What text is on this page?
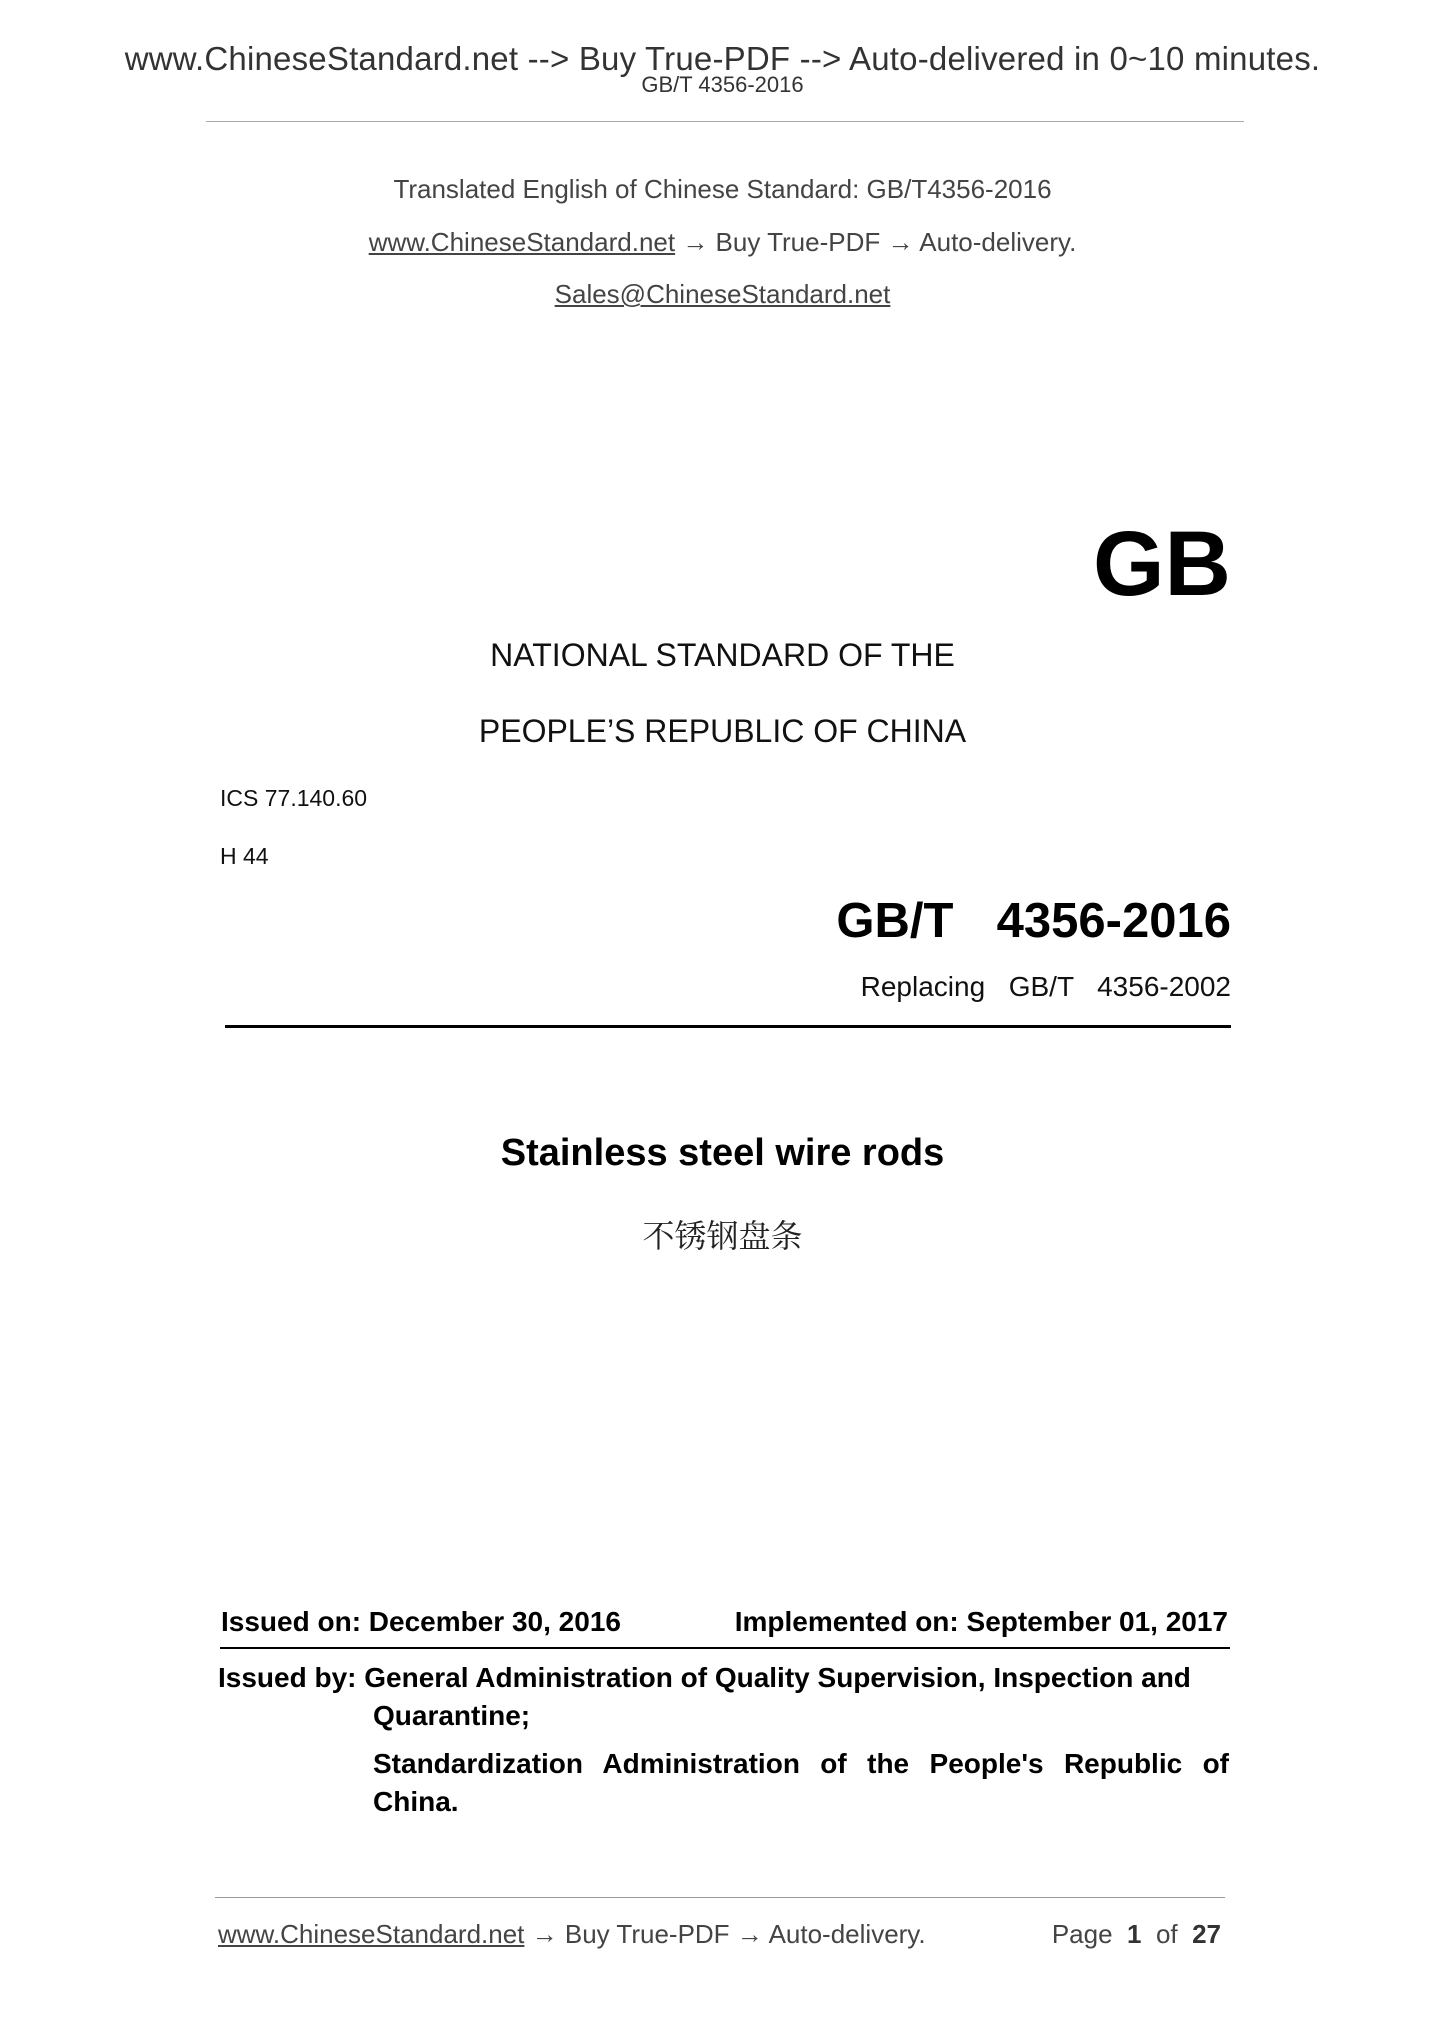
www.ChineseStandard.net --> Buy True-PDF --> Auto-delivered in 0~10 minutes.
GB/T 4356-2016
Translated English of Chinese Standard: GB/T4356-2016
www.ChineseStandard.net → Buy True-PDF → Auto-delivery.
Sales@ChineseStandard.net
GB
NATIONAL STANDARD OF THE
PEOPLE’S REPUBLIC OF CHINA
ICS 77.140.60
H 44
GB/T  4356-2016
Replacing  GB/T  4356-2002
Stainless steel wire rods
不锈钢盘条
Issued on: December 30, 2016	Implemented on: September 01, 2017
Issued by: General Administration of Quality Supervision, Inspection and
Quarantine;
Standardization Administration of the People's Republic of
China.
www.ChineseStandard.net → Buy True-PDF → Auto-delivery.	Page 1 of 27
